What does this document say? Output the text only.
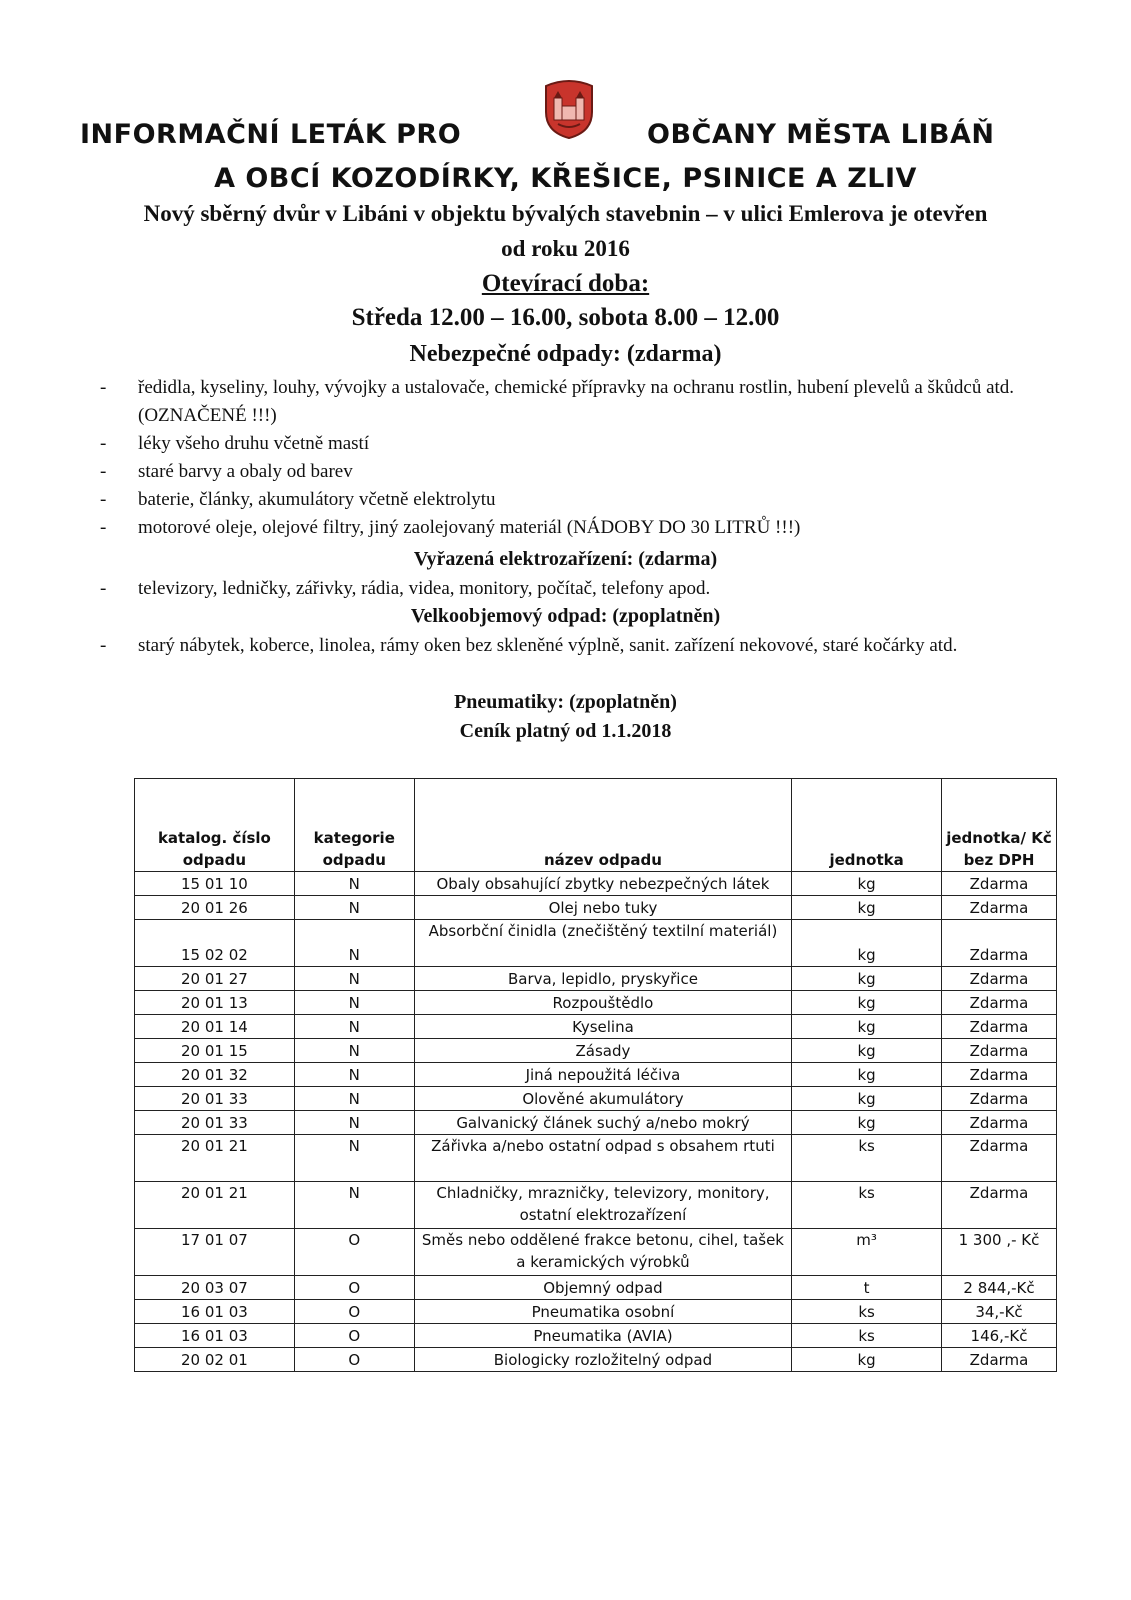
INFORMAČNÍ LETÁK PRO	OBČANY MĚSTA LIBÁŇ
A OBCÍ KOZODÍRKY, KŘEŠICE, PSINICE A ZLIV
Nový sběrný dvůr v Libáni v objektu bývalých stavebnin – v ulici Emlerova je otevřen
od roku 2016
Otevírací doba:
Středa 12.00 – 16.00, sobota 8.00 – 12.00
Nebezpečné odpady: (zdarma)
- ředidla, kyseliny, louhy, vývojky a ustalovače, chemické přípravky na ochranu rostlin, hubení plevelů a škůdců atd. (OZNAČENÉ !!!)
- léky všeho druhu včetně mastí
- staré barvy a obaly od barev
- baterie, články, akumulátory včetně elektrolytu
- motorové oleje, olejové filtry, jiný zaolejovaný materiál (NÁDOBY DO 30 LITRŮ !!!)
Vyřazená elektrozařízení: (zdarma)
- televizory, ledničky, zářivky, rádia, videa, monitory, počítač, telefony apod.
Velkoobjemový odpad: (zpoplatněn)
- starý nábytek, koberce, linolea, rámy oken bez skleněné výplně, sanit. zařízení nekovové, staré kočárky atd.
Pneumatiky: (zpoplatněn)
Ceník platný od 1.1.2018
katalog. číslo odpadu	kategorie odpadu	název odpadu	jednotka	jednotka/ Kč bez DPH
15 01 10	N	Obaly obsahující zbytky nebezpečných látek	kg	Zdarma
20 01 26	N	Olej nebo tuky	kg	Zdarma
15 02 02	N	Absorbční činidla (znečištěný textilní materiál)	kg	Zdarma
20 01 27	N	Barva, lepidlo, pryskyřice	kg	Zdarma
20 01 13	N	Rozpouštědlo	kg	Zdarma
20 01 14	N	Kyselina	kg	Zdarma
20 01 15	N	Zásady	kg	Zdarma
20 01 32	N	Jiná nepoužitá léčiva	kg	Zdarma
20 01 33	N	Olověné akumulátory	kg	Zdarma
20 01 33	N	Galvanický článek suchý a/nebo mokrý	kg	Zdarma
20 01 21	N	Zářivka a/nebo ostatní odpad s obsahem rtuti	ks	Zdarma
20 01 21	N	Chladničky, mrazničky, televizory, monitory, ostatní elektrozařízení	ks	Zdarma
17 01 07	O	Směs nebo oddělené frakce betonu, cihel, tašek a keramických výrobků	m³	1 300 ,- Kč
20 03 07	O	Objemný odpad	t	2 844,-Kč
16 01 03	O	Pneumatika osobní	ks	34,-Kč
16 01 03	O	Pneumatika (AVIA)	ks	146,-Kč
20 02 01	O	Biologicky rozložitelný odpad	kg	Zdarma
